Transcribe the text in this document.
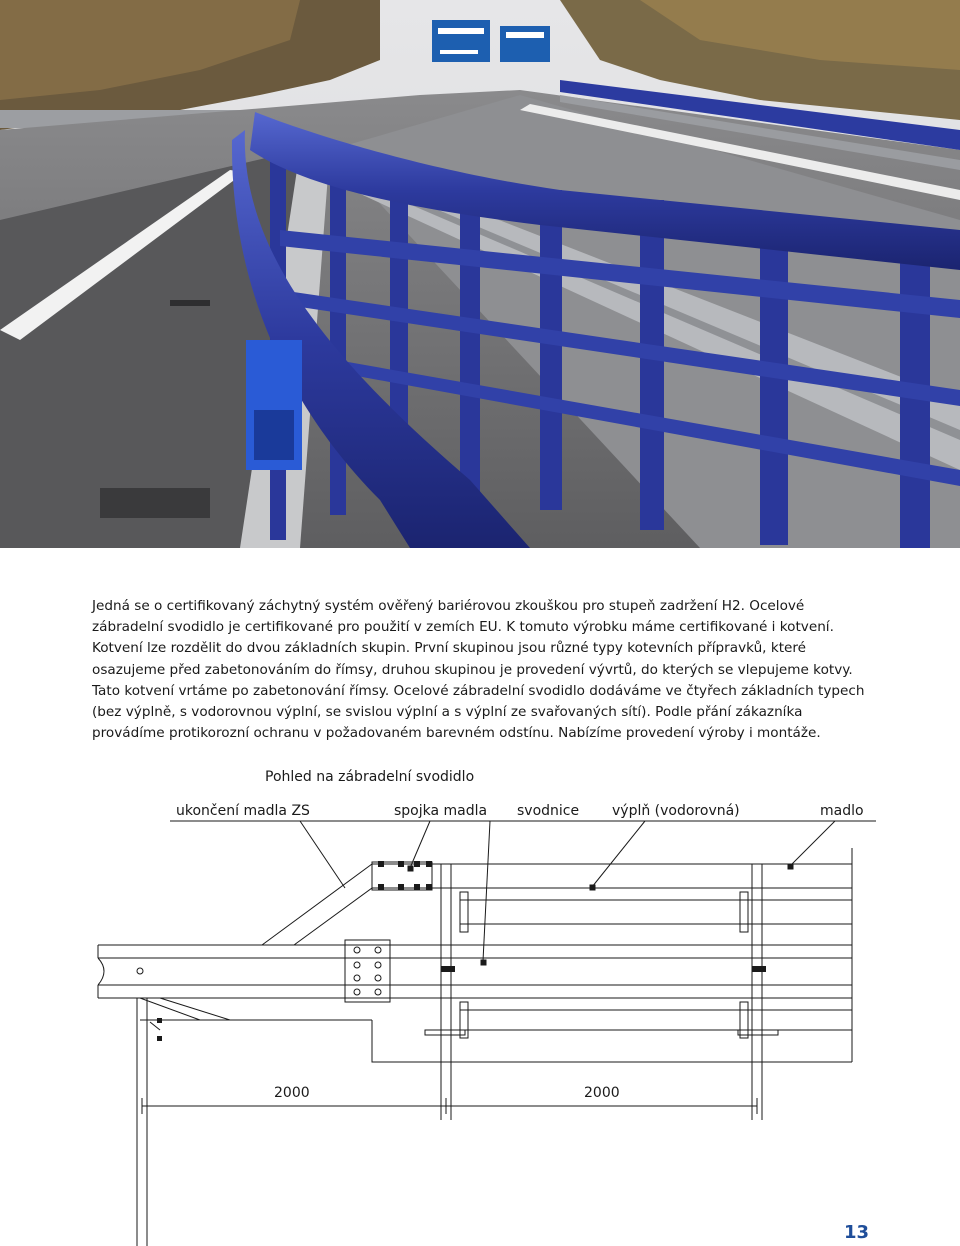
Jedná se o certifikovaný záchytný systém ověřený bariérovou zkouškou pro stupeň zadržení H2. Ocelové zábradelní svodidlo je certifikované pro použití v zemích EU. K tomuto výrobku máme certifikované i kotvení. Kotvení lze rozdělit do dvou základních skupin. První skupinou jsou různé typy kotevních přípravků, které osazujeme před zabetonováním do římsy, druhou skupinou je provedení vývrtů, do kterých se vlepujeme kotvy. Tato kotvení vrtáme po zabetonování římsy. Ocelové zábradelní svodidlo dodáváme ve čtyřech základních typech (bez výplně, s vodorovnou výplní, se svislou výplní a s výplní ze svařovaných sítí). Podle přání zákazníka provádíme protikorozní ochranu v požadovaném barevném odstínu. Nabízíme provedení výroby i montáže.

Pohled na zábradelní svodidlo
ukončení madla ZS	spojka madla svodnice výplň (vodorovná)	madlo
2000	2000
13
